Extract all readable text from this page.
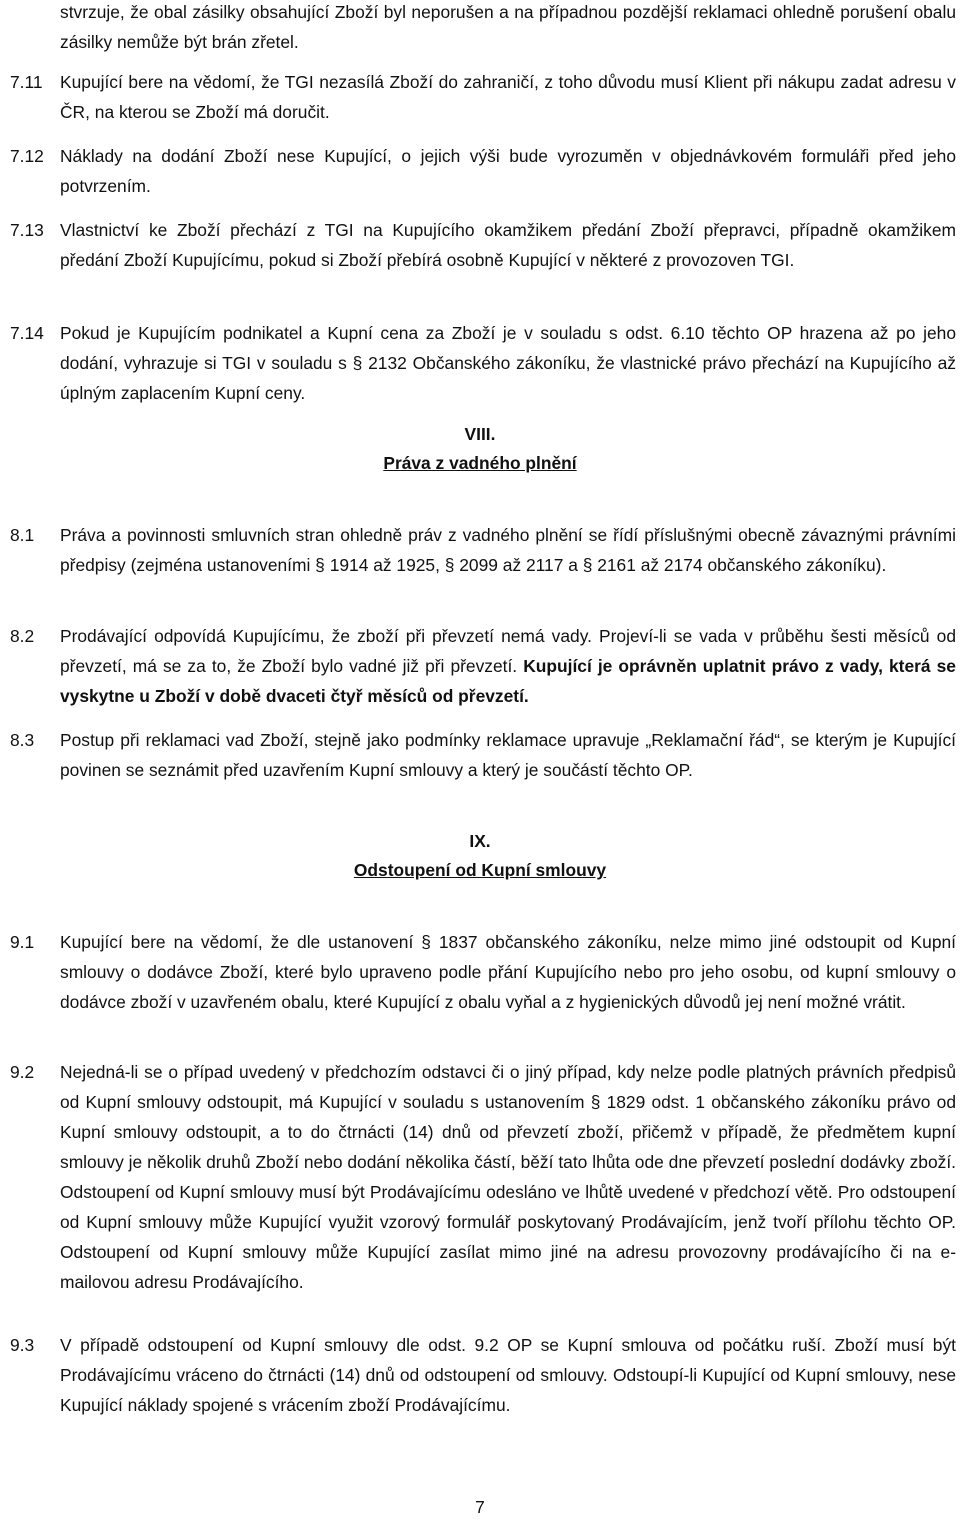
stvrzuje, že obal zásilky obsahující Zboží byl neporušen a na případnou pozdější reklamaci ohledně porušení obalu zásilky nemůže být brán zřetel.
7.11 Kupující bere na vědomí, že TGI nezasílá Zboží do zahraničí, z toho důvodu musí Klient při nákupu zadat adresu v ČR, na kterou se Zboží má doručit.
7.12 Náklady na dodání Zboží nese Kupující, o jejich výši bude vyrozuměn v objednávkovém formuláři před jeho potvrzením.
7.13 Vlastnictví ke Zboží přechází z TGI na Kupujícího okamžikem předání Zboží přepravci, případně okamžikem předání Zboží Kupujícímu, pokud si Zboží přebírá osobně Kupující v některé z provozoven TGI.
7.14 Pokud je Kupujícím podnikatel a Kupní cena za Zboží je v souladu s odst. 6.10 těchto OP hrazena až po jeho dodání, vyhrazuje si TGI v souladu s § 2132 Občanského zákoníku, že vlastnické právo přechází na Kupujícího až úplným zaplacením Kupní ceny.
VIII.
Práva z vadného plnění
8.1 Práva a povinnosti smluvních stran ohledně práv z vadného plnění se řídí příslušnými obecně závaznými právními předpisy (zejména ustanoveními § 1914 až 1925, § 2099 až 2117 a § 2161 až 2174 občanského zákoníku).
8.2 Prodávající odpovídá Kupujícímu, že zboží při převzetí nemá vady. Projeví-li se vada v průběhu šesti měsíců od převzetí, má se za to, že Zboží bylo vadné již při převzetí. Kupující je oprávněn uplatnit právo z vady, která se vyskytne u Zboží v době dvaceti čtyř měsíců od převzetí.
8.3 Postup při reklamaci vad Zboží, stejně jako podmínky reklamace upravuje „Reklamační řád“, se kterým je Kupující povinen se seznámit před uzavřením Kupní smlouvy a který je součástí těchto OP.
IX.
Odstoupení od Kupní smlouvy
9.1 Kupující bere na vědomí, že dle ustanovení § 1837 občanského zákoníku, nelze mimo jiné odstoupit od Kupní smlouvy o dodávce Zboží, které bylo upraveno podle přání Kupujícího nebo pro jeho osobu, od kupní smlouvy o dodávce zboží v uzavřeném obalu, které Kupující z obalu vyňal a z hygienických důvodů jej není možné vrátit.
9.2 Nejedná-li se o případ uvedený v předchozím odstavci či o jiný případ, kdy nelze podle platných právních předpisů od Kupní smlouvy odstoupit, má Kupující v souladu s ustanovením § 1829 odst. 1 občanského zákoníku právo od Kupní smlouvy odstoupit, a to do čtrnácti (14) dnů od převzetí zboží, přičemž v případě, že předmětem kupní smlouvy je několik druhů Zboží nebo dodání několika částí, běží tato lhůta ode dne převzetí poslední dodávky zboží. Odstoupení od Kupní smlouvy musí být Prodávajícímu odesláno ve lhůtě uvedené v předchozí větě. Pro odstoupení od Kupní smlouvy může Kupující využit vzorový formulář poskytovaný Prodávajícím, jenž tvoří přílohu těchto OP. Odstoupení od Kupní smlouvy může Kupující zasílat mimo jiné na adresu provozovny prodávajícího či na e-mailovou adresu Prodávajícího.
9.3 V případě odstoupení od Kupní smlouvy dle odst. 9.2 OP se Kupní smlouva od počátku ruší. Zboží musí být Prodávajícímu vráceno do čtrnácti (14) dnů od odstoupení od smlouvy. Odstoupí-li Kupující od Kupní smlouvy, nese Kupující náklady spojené s vrácením zboží Prodávajícímu.
7
